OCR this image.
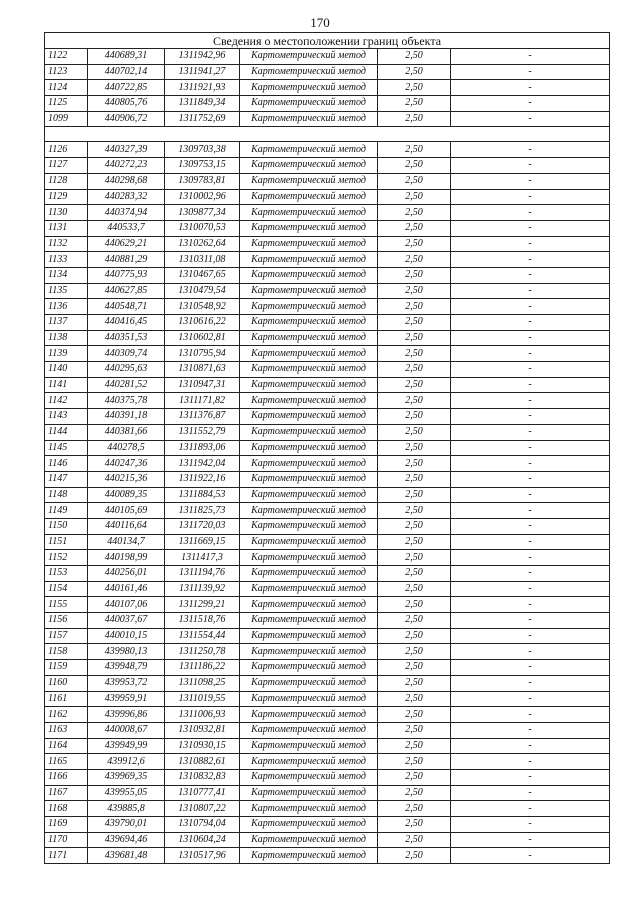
170
Сведения о местоположении границ объекта					
1122	440689,31	1311942,96	Картометрический метод	2,50	-
1123	440702,14	1311941,27	Картометрический метод	2,50	-
1124	440722,85	1311921,93	Картометрический метод	2,50	-
1125	440805,76	1311849,34	Картометрический метод	2,50	-
1099	440906,72	1311752,69	Картометрический метод	2,50	-

1126	440327,39	1309703,38	Картометрический метод	2,50	-
1127	440272,23	1309753,15	Картометрический метод	2,50	-
1128	440298,68	1309783,81	Картометрический метод	2,50	-
1129	440283,32	1310002,96	Картометрический метод	2,50	-
1130	440374,94	1309877,34	Картометрический метод	2,50	-
1131	440533,7	1310070,53	Картометрический метод	2,50	-
1132	440629,21	1310262,64	Картометрический метод	2,50	-
1133	440881,29	1310311,08	Картометрический метод	2,50	-
1134	440775,93	1310467,65	Картометрический метод	2,50	-
1135	440627,85	1310479,54	Картометрический метод	2,50	-
1136	440548,71	1310548,92	Картометрический метод	2,50	-
1137	440416,45	1310616,22	Картометрический метод	2,50	-
1138	440351,53	1310602,81	Картометрический метод	2,50	-
1139	440309,74	1310795,94	Картометрический метод	2,50	-
1140	440295,63	1310871,63	Картометрический метод	2,50	-
1141	440281,52	1310947,31	Картометрический метод	2,50	-
1142	440375,78	1311171,82	Картометрический метод	2,50	-
1143	440391,18	1311376,87	Картометрический метод	2,50	-
1144	440381,66	1311552,79	Картометрический метод	2,50	-
1145	440278,5	1311893,06	Картометрический метод	2,50	-
1146	440247,36	1311942,04	Картометрический метод	2,50	-
1147	440215,36	1311922,16	Картометрический метод	2,50	-
1148	440089,35	1311884,53	Картометрический метод	2,50	-
1149	440105,69	1311825,73	Картометрический метод	2,50	-
1150	440116,64	1311720,03	Картометрический метод	2,50	-
1151	440134,7	1311669,15	Картометрический метод	2,50	-
1152	440198,99	1311417,3	Картометрический метод	2,50	-
1153	440256,01	1311194,76	Картометрический метод	2,50	-
1154	440161,46	1311139,92	Картометрический метод	2,50	-
1155	440107,06	1311299,21	Картометрический метод	2,50	-
1156	440037,67	1311518,76	Картометрический метод	2,50	-
1157	440010,15	1311554,44	Картометрический метод	2,50	-
1158	439980,13	1311250,78	Картометрический метод	2,50	-
1159	439948,79	1311186,22	Картометрический метод	2,50	-
1160	439953,72	1311098,25	Картометрический метод	2,50	-
1161	439959,91	1311019,55	Картометрический метод	2,50	-
1162	439996,86	1311006,93	Картометрический метод	2,50	-
1163	440008,67	1310932,81	Картометрический метод	2,50	-
1164	439949,99	1310930,15	Картометрический метод	2,50	-
1165	439912,6	1310882,61	Картометрический метод	2,50	-
1166	439969,35	1310832,83	Картометрический метод	2,50	-
1167	439955,05	1310777,41	Картометрический метод	2,50	-
1168	439885,8	1310807,22	Картометрический метод	2,50	-
1169	439790,01	1310794,04	Картометрический метод	2,50	-
1170	439694,46	1310604,24	Картометрический метод	2,50	-
1171	439681,48	1310517,96	Картометрический метод	2,50	-
